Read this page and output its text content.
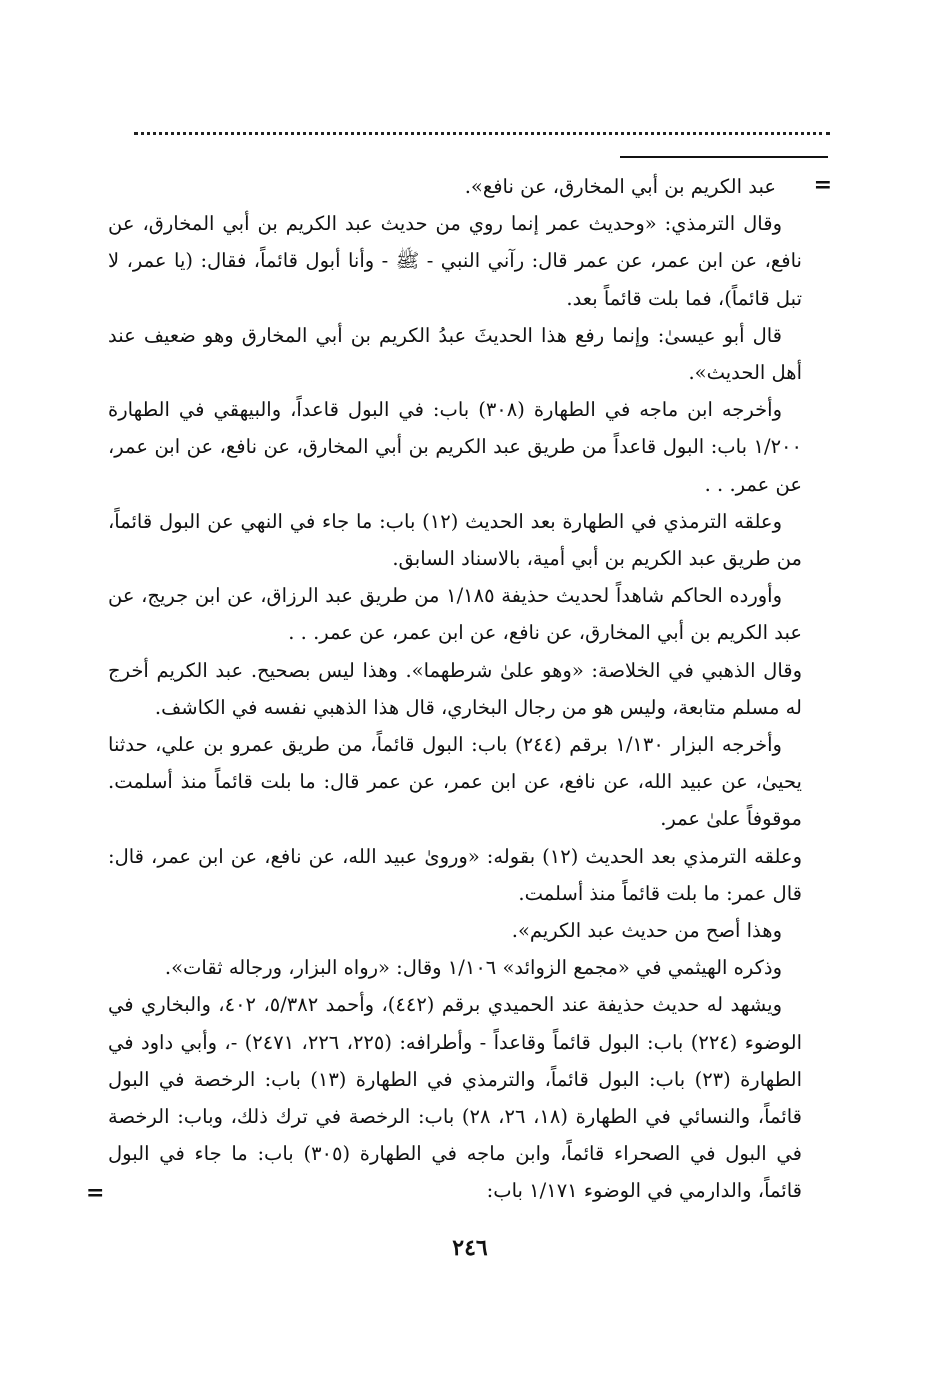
=

عبد الكريم بن أبي المخارق، عن نافع».

وقال الترمذي: «وحديث عمر إنما روي من حديث عبد الكريم بن أبي المخارق، عن نافع، عن ابن عمر، عن عمر قال: رآني النبي - ﷺ - وأنا أبول قائماً، فقال: (يا عمر، لا تبل قائماً)، فما بلت قائماً بعد.

قال أبو عيسىٰ: وإنما رفع هذا الحديثَ عبدُ الكريم بن أبي المخارق وهو ضعيف عند أهل الحديث».

وأخرجه ابن ماجه في الطهارة (٣٠٨) باب: في البول قاعداً، والبيهقي في الطهارة ١/٢٠٠ باب: البول قاعداً من طريق عبد الكريم بن أبي المخارق، عن نافع، عن ابن عمر، عن عمر. . .

وعلقه الترمذي في الطهارة بعد الحديث (١٢) باب: ما جاء في النهي عن البول قائماً، من طريق عبد الكريم بن أبي أمية، بالاسناد السابق.

وأورده الحاكم شاهداً لحديث حذيفة ١/١٨٥ من طريق عبد الرزاق، عن ابن جريج، عن عبد الكريم بن أبي المخارق، عن نافع، عن ابن عمر، عن عمر. . .

وقال الذهبي في الخلاصة: «وهو علىٰ شرطهما». وهذا ليس بصحيح. عبد الكريم أخرج له مسلم متابعة، وليس هو من رجال البخاري، قال هذا الذهبي نفسه في الكاشف.

وأخرجه البزار ١/١٣٠ برقم (٢٤٤) باب: البول قائماً، من طريق عمرو بن علي، حدثنا يحيىٰ، عن عبيد الله، عن نافع، عن ابن عمر، عن عمر قال: ما بلت قائماً منذ أسلمت. موقوفاً علىٰ عمر.

وعلقه الترمذي بعد الحديث (١٢) بقوله: «وروىٰ عبيد الله، عن نافع، عن ابن عمر، قال: قال عمر: ما بلت قائماً منذ أسلمت.

وهذا أصح من حديث عبد الكريم».

وذكره الهيثمي في «مجمع الزوائد» ١/١٠٦ وقال: «رواه البزار، ورجاله ثقات».

ويشهد له حديث حذيفة عند الحميدي برقم (٤٤٢)، وأحمد ٥/٣٨٢، ٤٠٢، والبخاري في الوضوء (٢٢٤) باب: البول قائماً وقاعداً - وأطرافه: (٢٢٥، ٢٢٦، ٢٤٧١) -، وأبي داود في الطهارة (٢٣) باب: البول قائماً، والترمذي في الطهارة (١٣) باب: الرخصة في البول قائماً، والنسائي في الطهارة (١٨، ٢٦، ٢٨) باب: الرخصة في ترك ذلك، وباب: الرخصة في البول في الصحراء قائماً، وابن ماجه في الطهارة (٣٠٥) باب: ما جاء في البول قائماً، والدارمي في الوضوء ١/١٧١ باب:

=
٢٤٦
